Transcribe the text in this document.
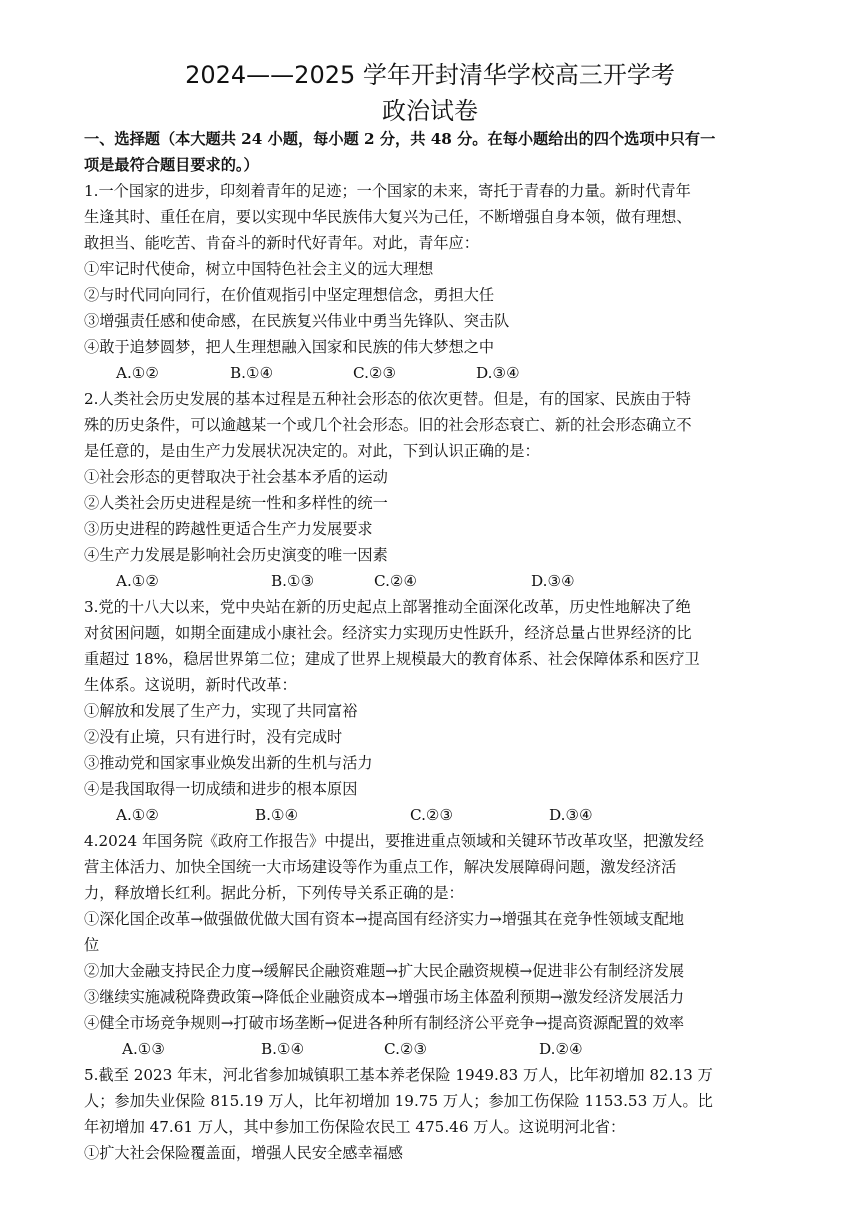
2024——2025 学年开封清华学校高三开学考
政治试卷
一、选择题（本大题共 24 小题，每小题 2 分，共 48 分。在每小题给出的四个选项中只有一
项是最符合题目要求的。）
1.一个国家的进步，印刻着青年的足迹；一个国家的未来，寄托于青春的力量。新时代青年
生逢其时、重任在肩，要以实现中华民族伟大复兴为己任，不断增强自身本领，做有理想、
敢担当、能吃苦、肯奋斗的新时代好青年。对此，青年应：
①牢记时代使命，树立中国特色社会主义的远大理想
②与时代同向同行，在价值观指引中坚定理想信念，勇担大任
③增强责任感和使命感，在民族复兴伟业中勇当先锋队、突击队
④敢于追梦圆梦，把人生理想融入国家和民族的伟大梦想之中
A.①②	B.①④	C.②③	D.③④
2.人类社会历史发展的基本过程是五种社会形态的依次更替。但是，有的国家、民族由于特
殊的历史条件，可以逾越某一个或几个社会形态。旧的社会形态衰亡、新的社会形态确立不
是任意的，是由生产力发展状况决定的。对此，下到认识正确的是：
①社会形态的更替取决于社会基本矛盾的运动
②人类社会历史进程是统一性和多样性的统一
③历史进程的跨越性更适合生产力发展要求
④生产力发展是影响社会历史演变的唯一因素
A.①②	B.①③	C.②④	D.③④
3.党的十八大以来，党中央站在新的历史起点上部署推动全面深化改革，历史性地解决了绝
对贫困问题，如期全面建成小康社会。经济实力实现历史性跃升，经济总量占世界经济的比
重超过 18%，稳居世界第二位；建成了世界上规模最大的教育体系、社会保障体系和医疗卫
生体系。这说明，新时代改革：
①解放和发展了生产力，实现了共同富裕
②没有止境，只有进行时，没有完成时
③推动党和国家事业焕发出新的生机与活力
④是我国取得一切成绩和进步的根本原因
A.①②	B.①④	C.②③	D.③④
4.2024 年国务院《政府工作报告》中提出，要推进重点领域和关键环节改革攻坚，把激发经
营主体活力、加快全国统一大市场建设等作为重点工作，解决发展障碍问题，激发经济活
力，释放增长红利。据此分析，下列传导关系正确的是：
①深化国企改革→做强做优做大国有资本→提高国有经济实力→增强其在竞争性领域支配地
位
②加大金融支持民企力度→缓解民企融资难题→扩大民企融资规模→促进非公有制经济发展
③继续实施减税降费政策→降低企业融资成本→增强市场主体盈利预期→激发经济发展活力
④健全市场竞争规则→打破市场垄断→促进各种所有制经济公平竞争→提高资源配置的效率
A.①③	B.①④	C.②③	D.②④
5.截至 2023 年末，河北省参加城镇职工基本养老保险 1949.83 万人，比年初增加 82.13 万
人；参加失业保险 815.19 万人，比年初增加 19.75 万人；参加工伤保险 1153.53 万人。比
年初增加 47.61 万人，其中参加工伤保险农民工 475.46 万人。这说明河北省：
①扩大社会保险覆盖面，增强人民安全感幸福感
